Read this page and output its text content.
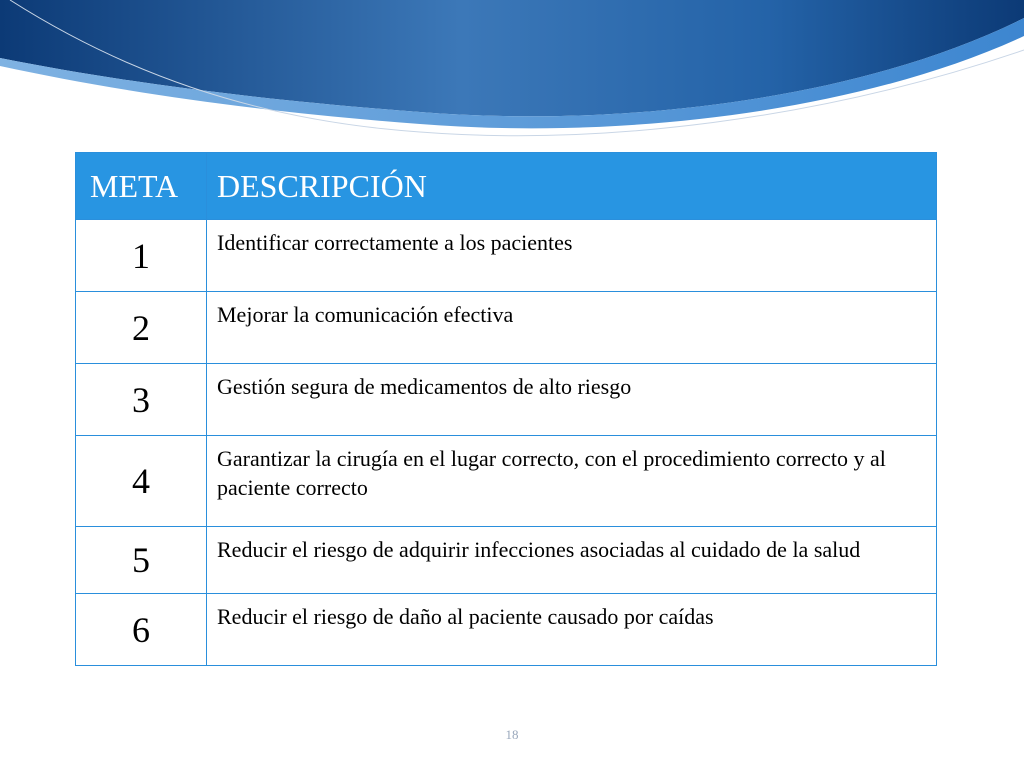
META	DESCRIPCIÓN
1	Identificar correctamente a los pacientes
2	Mejorar la comunicación efectiva
3	Gestión segura de medicamentos de alto riesgo
4	Garantizar la cirugía en el lugar correcto, con el procedimiento correcto y al paciente correcto
5	Reducir el riesgo de adquirir infecciones asociadas al cuidado de la salud
6	Reducir el riesgo de daño al paciente causado por caídas
18
